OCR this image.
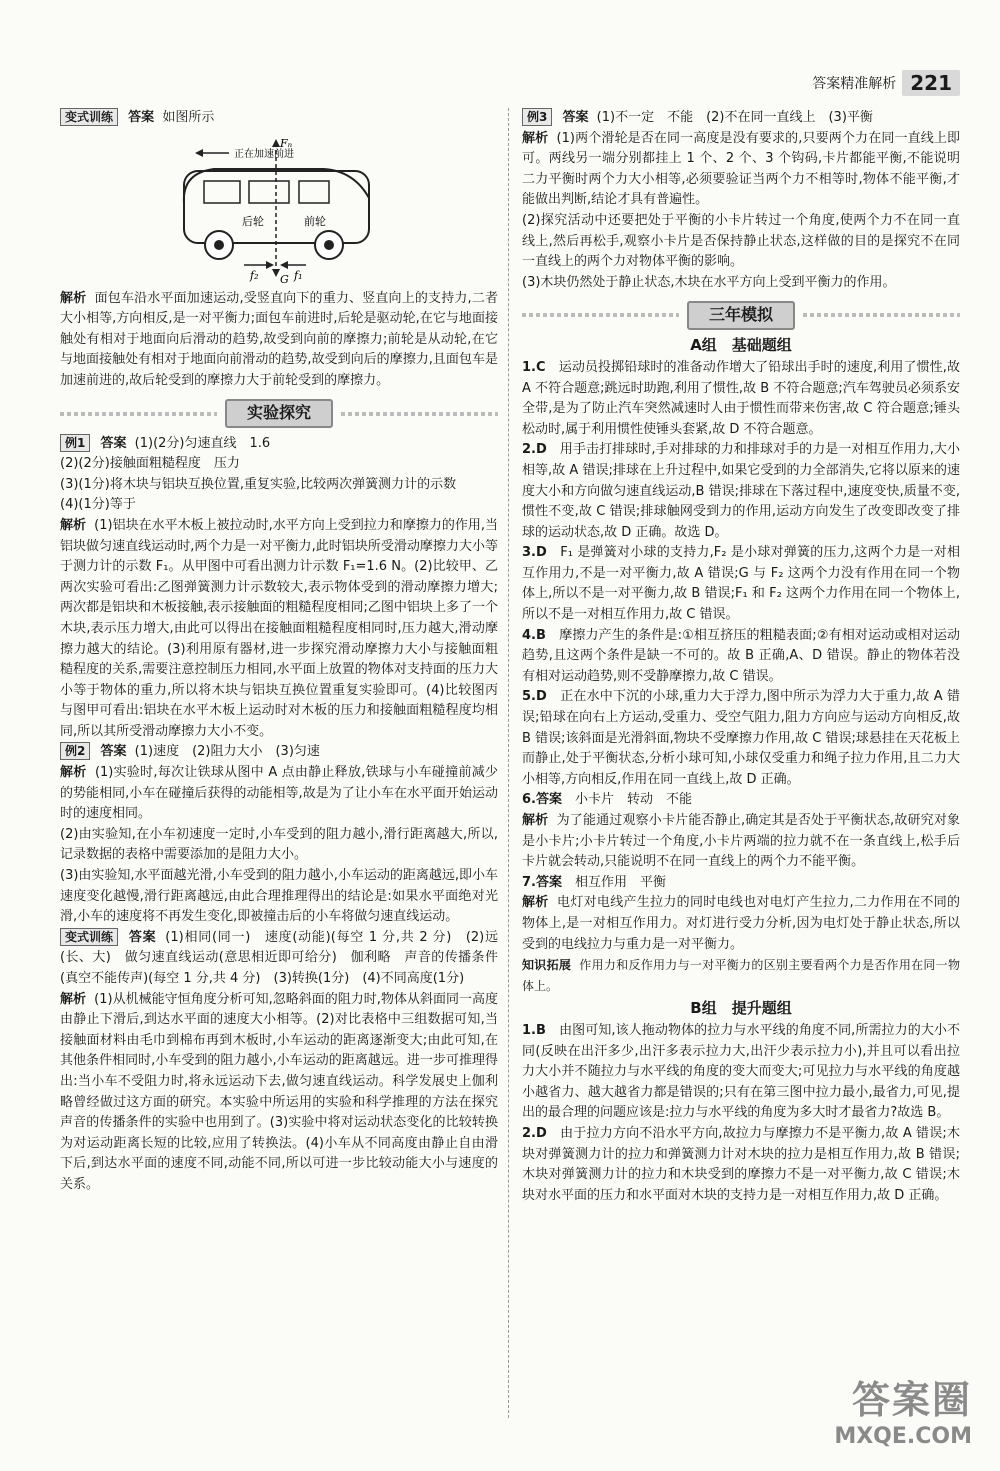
答案精准解析 221

变式训练 答案 如图所示

Fₙ
正在加速前进
后轮	前轮
f₂ G f₁

解析 面包车沿水平面加速运动,受竖直向下的重力、竖直向上的支持力,二者大小相等,方向相反,是一对平衡力;面包车前进时,后轮是驱动轮,在它与地面接触处有相对于地面向后滑动的趋势,故受到向前的摩擦力;前轮是从动轮,在它与地面接触处有相对于地面向前滑动的趋势,故受到向后的摩擦力,且面包车是加速前进的,故后轮受到的摩擦力大于前轮受到的摩擦力。

实验探究

例1 答案 (1)(2分)匀速直线　1.6

(2)(2分)接触面粗糙程度　压力

(3)(1分)将木块与铝块互换位置,重复实验,比较两次弹簧测力计的示数

(4)(1分)等于

解析 (1)铝块在水平木板上被拉动时,水平方向上受到拉力和摩擦力的作用,当铝块做匀速直线运动时,两个力是一对平衡力,此时铝块所受滑动摩擦力大小等于测力计的示数 F₁。从甲图中可看出测力计示数 F₁=1.6 N。(2)比较甲、乙两次实验可看出:乙图弹簧测力计示数较大,表示物体受到的滑动摩擦力增大;两次都是铝块和木板接触,表示接触面的粗糙程度相同;乙图中铝块上多了一个木块,表示压力增大,由此可以得出在接触面粗糙程度相同时,压力越大,滑动摩擦力越大的结论。(3)利用原有器材,进一步探究滑动摩擦力大小与接触面粗糙程度的关系,需要注意控制压力相同,水平面上放置的物体对支持面的压力大小等于物体的重力,所以将木块与铝块互换位置重复实验即可。(4)比较图丙与图甲可看出:铝块在水平木板上运动时对木板的压力和接触面粗糙程度均相同,所以其所受滑动摩擦力大小不变。

例2 答案 (1)速度　(2)阻力大小　(3)匀速

解析 (1)实验时,每次让铁球从图中 A 点由静止释放,铁球与小车碰撞前减少的势能相同,小车在碰撞后获得的动能相等,故是为了让小车在水平面开始运动时的速度相同。

(2)由实验知,在小车初速度一定时,小车受到的阻力越小,滑行距离越大,所以,记录数据的表格中需要添加的是阻力大小。

(3)由实验知,水平面越光滑,小车受到的阻力越小,小车运动的距离越远,即小车速度变化越慢,滑行距离越远,由此合理推理得出的结论是:如果水平面绝对光滑,小车的速度将不再发生变化,即被撞击后的小车将做匀速直线运动。

变式训练 答案 (1)相同(同一)　速度(动能)(每空 1 分,共 2 分)　(2)远(长、大)　做匀速直线运动(意思相近即可给分)　伽利略　声音的传播条件(真空不能传声)(每空 1 分,共 4 分)　(3)转换(1分)　(4)不同高度(1分)

解析 (1)从机械能守恒角度分析可知,忽略斜面的阻力时,物体从斜面同一高度由静止下滑后,到达水平面的速度大小相等。(2)对比表格中三组数据可知,当接触面材料由毛巾到棉布再到木板时,小车运动的距离逐渐变大;由此可知,在其他条件相同时,小车受到的阻力越小,小车运动的距离越远。进一步可推理得出:当小车不受阻力时,将永远运动下去,做匀速直线运动。科学发展史上伽利略曾经做过这方面的研究。本实验中所运用的实验和科学推理的方法在探究声音的传播条件的实验中也用到了。(3)实验中将对运动状态变化的比较转换为对运动距离长短的比较,应用了转换法。(4)小车从不同高度由静止自由滑下后,到达水平面的速度不同,动能不同,所以可进一步比较动能大小与速度的关系。

例3 答案 (1)不一定　不能　(2)不在同一直线上　(3)平衡

解析 (1)两个滑轮是否在同一高度是没有要求的,只要两个力在同一直线上即可。两线另一端分别都挂上 1 个、2 个、3 个钩码,卡片都能平衡,不能说明二力平衡时两个力大小相等,必须要验证当两个力不相等时,物体不能平衡,才能做出判断,结论才具有普遍性。

(2)探究活动中还要把处于平衡的小卡片转过一个角度,使两个力不在同一直线上,然后再松手,观察小卡片是否保持静止状态,这样做的目的是探究不在同一直线上的两个力对物体平衡的影响。

(3)木块仍然处于静止状态,木块在水平方向上受到平衡力的作用。

三年模拟
A组　基础题组

1.C　 运动员投掷铅球时的准备动作增大了铅球出手时的速度,利用了惯性,故 A 不符合题意;跳远时助跑,利用了惯性,故 B 不符合题意;汽车驾驶员必须系安全带,是为了防止汽车突然减速时人由于惯性而带来伤害,故 C 符合题意;锤头松动时,属于利用惯性使锤头套紧,故 D 不符合题意。

2.D　 用手击打排球时,手对排球的力和排球对手的力是一对相互作用力,大小相等,故 A 错误;排球在上升过程中,如果它受到的力全部消失,它将以原来的速度大小和方向做匀速直线运动,B 错误;排球在下落过程中,速度变快,质量不变,惯性不变,故 C 错误;排球触网受到力的作用,运动方向发生了改变即改变了排球的运动状态,故 D 正确。故选 D。

3.D　 F₁ 是弹簧对小球的支持力,F₂ 是小球对弹簧的压力,这两个力是一对相互作用力,不是一对平衡力,故 A 错误;G 与 F₂ 这两个力没有作用在同一个物体上,所以不是一对平衡力,故 B 错误;F₁ 和 F₂ 这两个力作用在同一个物体上,所以不是一对相互作用力,故 C 错误。

4.B　 摩擦力产生的条件是:①相互挤压的粗糙表面;②有相对运动或相对运动趋势,且这两个条件是缺一不可的。故 B 正确,A、D 错误。静止的物体若没有相对运动趋势,则不受静摩擦力,故 C 错误。

5.D　 正在水中下沉的小球,重力大于浮力,图中所示为浮力大于重力,故 A 错误;铅球在向右上方运动,受重力、受空气阻力,阻力方向应与运动方向相反,故 B 错误;该斜面是光滑斜面,物块不受摩擦力作用,故 C 错误;球悬挂在天花板上而静止,处于平衡状态,分析小球可知,小球仅受重力和绳子拉力作用,且二力大小相等,方向相反,作用在同一直线上,故 D 正确。

6.答案　 小卡片　转动　不能

解析 为了能通过观察小卡片能否静止,确定其是否处于平衡状态,故研究对象是小卡片;小卡片转过一个角度,小卡片两端的拉力就不在一条直线上,松手后卡片就会转动,只能说明不在同一直线上的两个力不能平衡。

7.答案　 相互作用　平衡

解析 电灯对电线产生拉力的同时电线也对电灯产生拉力,二力作用在不同的物体上,是一对相互作用力。对灯进行受力分析,因为电灯处于静止状态,所以受到的电线拉力与重力是一对平衡力。

知识拓展 作用力和反作用力与一对平衡力的区别主要看两个力是否作用在同一物体上。

B组　提升题组

1.B　 由图可知,该人拖动物体的拉力与水平线的角度不同,所需拉力的大小不同(反映在出汗多少,出汗多表示拉力大,出汗少表示拉力小),并且可以看出拉力大小并不随拉力与水平线的角度的变大而变大;可见拉力与水平线的角度越小越省力、越大越省力都是错误的;只有在第三图中拉力最小,最省力,可见,提出的最合理的问题应该是:拉力与水平线的角度为多大时才最省力?故选 B。

2.D　 由于拉力方向不沿水平方向,故拉力与摩擦力不是平衡力,故 A 错误;木块对弹簧测力计的拉力和弹簧测力计对木块的拉力是相互作用力,故 B 错误;木块对弹簧测力计的拉力和木块受到的摩擦力不是一对平衡力,故 C 错误;木块对水平面的压力和水平面对木块的支持力是一对相互作用力,故 D 正确。

答案圈
MXQE.COM
